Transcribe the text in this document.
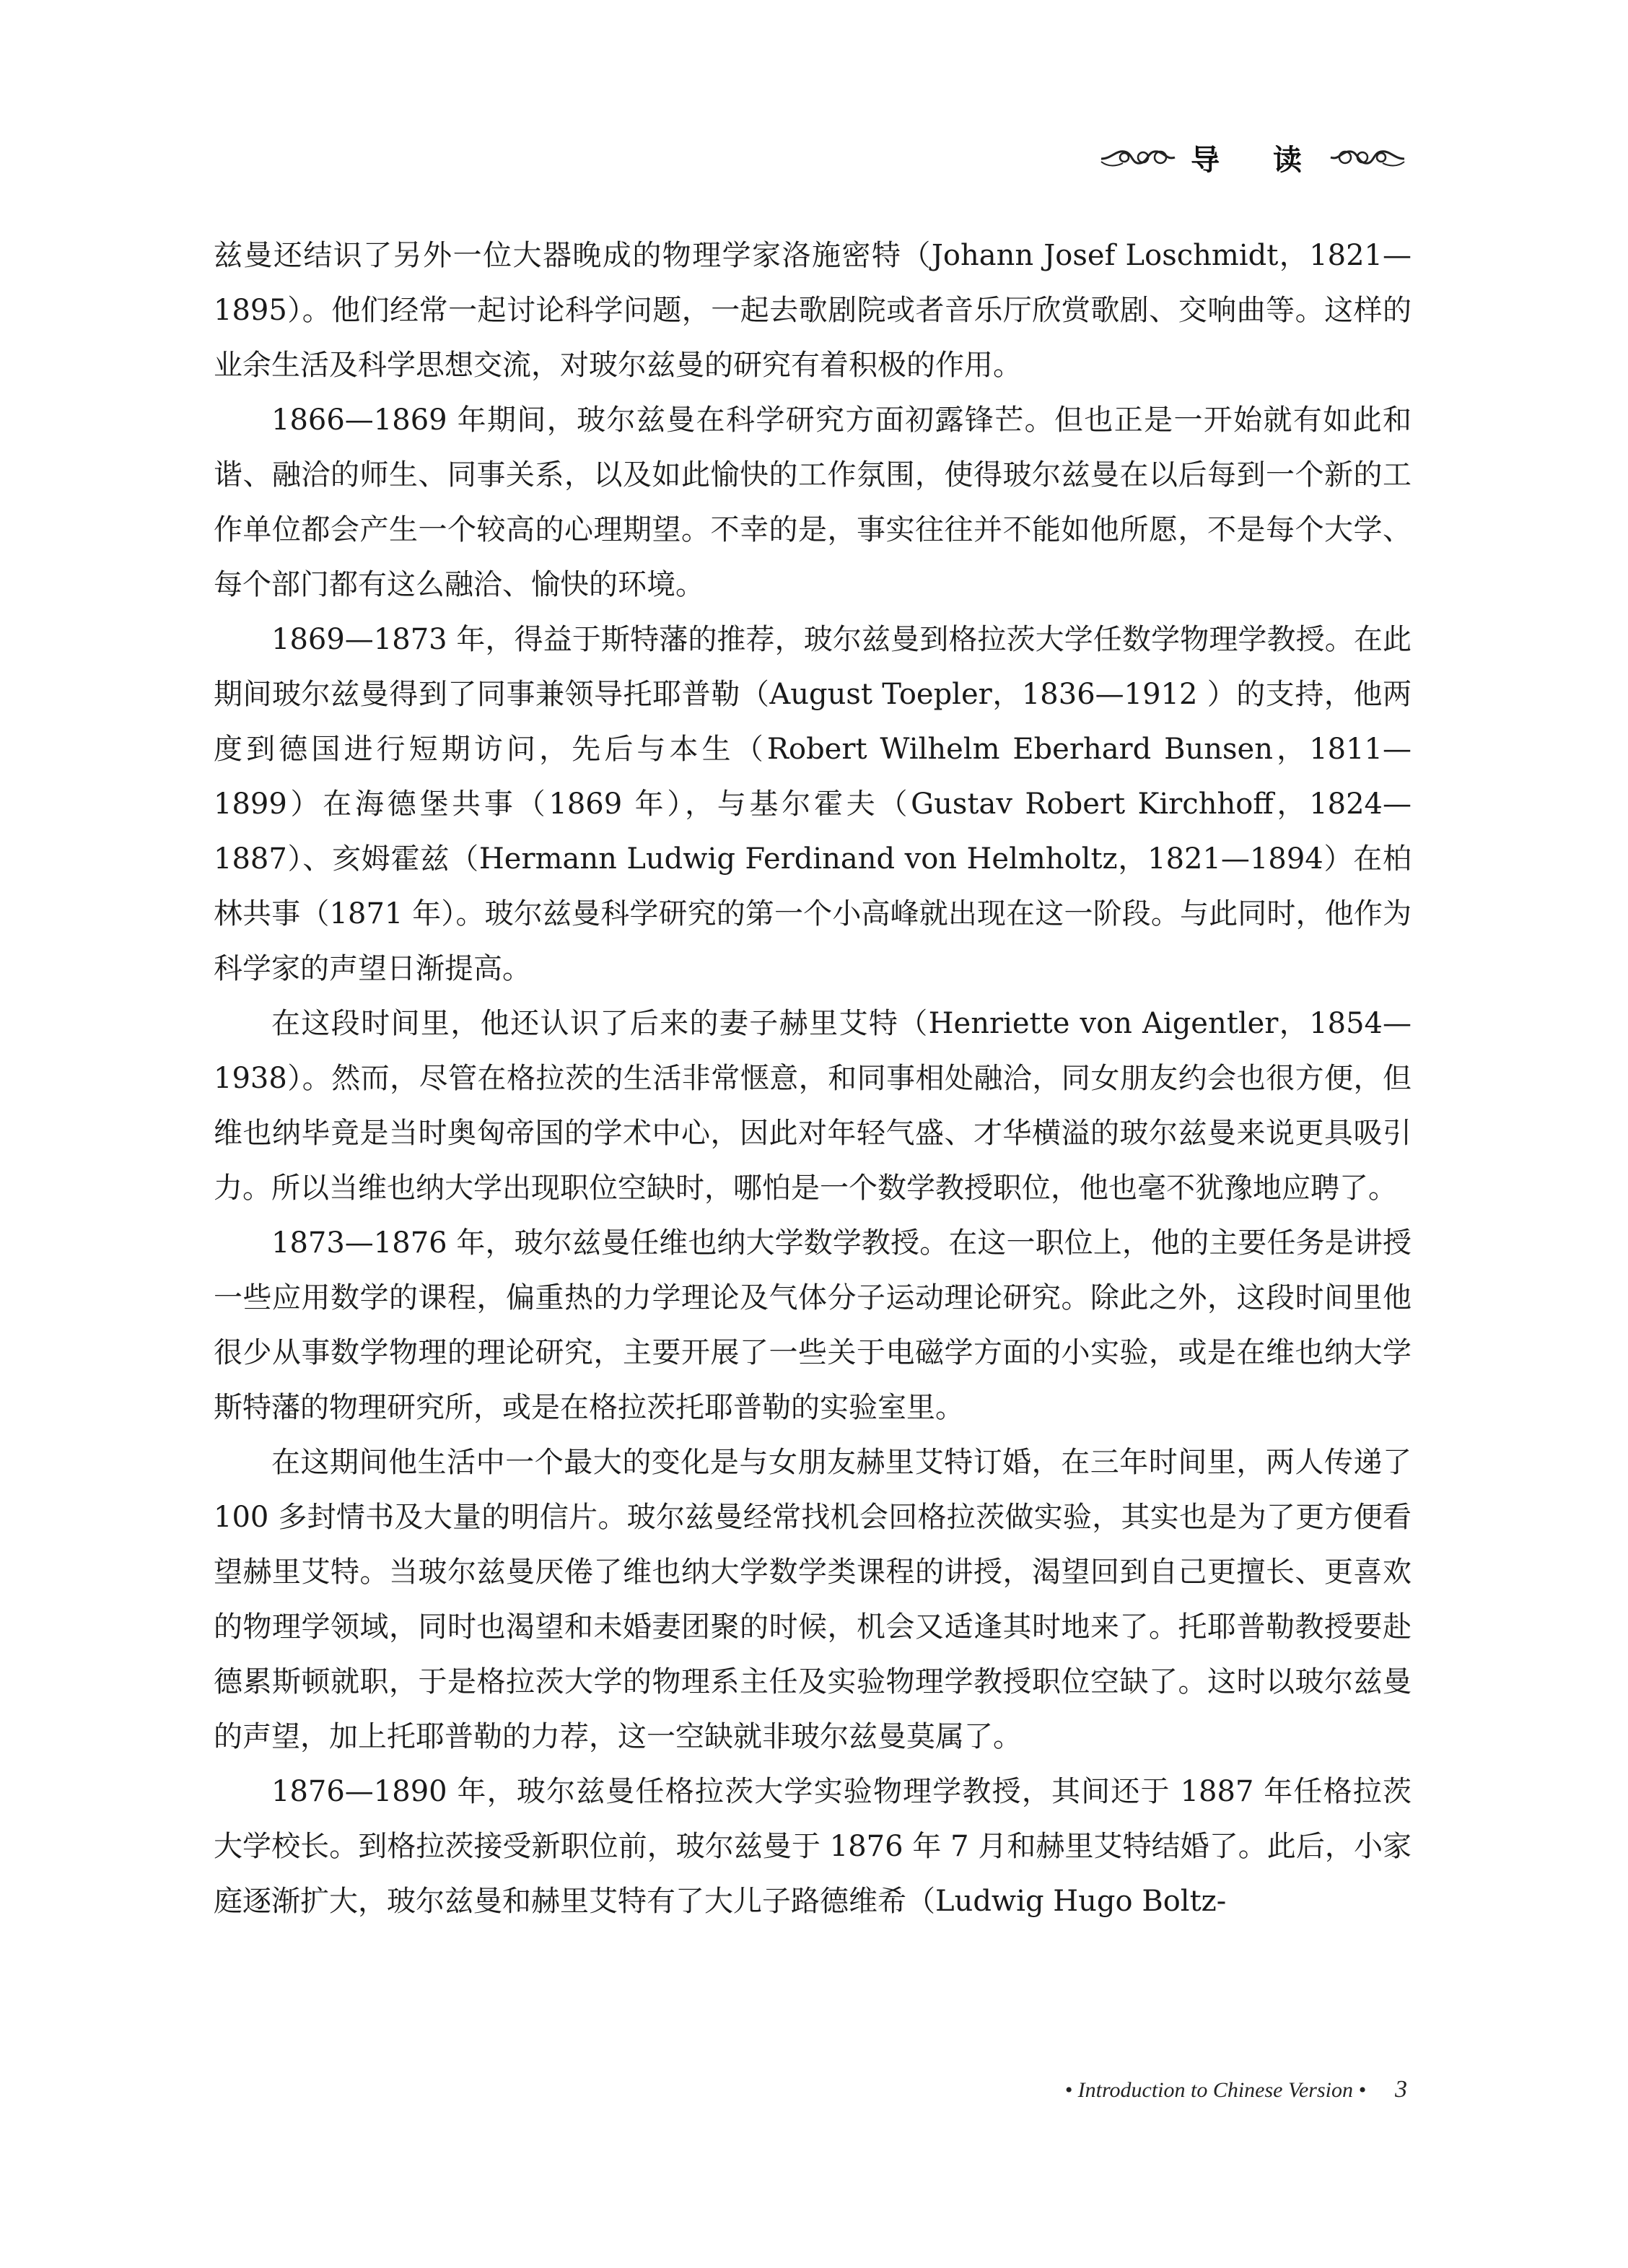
导 读

兹曼还结识了另外一位大器晚成的物理学家洛施密特（Johann Josef Loschmidt，1821—1895）。他们经常一起讨论科学问题，一起去歌剧院或者音乐厅欣赏歌剧、交响曲等。这样的业余生活及科学思想交流，对玻尔兹曼的研究有着积极的作用。

1866—1869 年期间，玻尔兹曼在科学研究方面初露锋芒。但也正是一开始就有如此和谐、融洽的师生、同事关系，以及如此愉快的工作氛围，使得玻尔兹曼在以后每到一个新的工作单位都会产生一个较高的心理期望。不幸的是，事实往往并不能如他所愿，不是每个大学、每个部门都有这么融洽、愉快的环境。

1869—1873 年，得益于斯特藩的推荐，玻尔兹曼到格拉茨大学任数学物理学教授。在此期间玻尔兹曼得到了同事兼领导托耶普勒（August Toepler，1836—1912 ）的支持，他两度到德国进行短期访问，先后与本生（Robert Wilhelm Eberhard Bunsen，1811—1899）在海德堡共事（1869 年），与基尔霍夫（Gustav Robert Kirchhoff，1824—1887）、亥姆霍兹（Hermann Ludwig Ferdinand von Helmholtz，1821—1894）在柏林共事（1871 年）。玻尔兹曼科学研究的第一个小高峰就出现在这一阶段。与此同时，他作为科学家的声望日渐提高。

在这段时间里，他还认识了后来的妻子赫里艾特（Henriette von Aigentler，1854—1938）。然而，尽管在格拉茨的生活非常惬意，和同事相处融洽，同女朋友约会也很方便，但维也纳毕竟是当时奥匈帝国的学术中心，因此对年轻气盛、才华横溢的玻尔兹曼来说更具吸引力。所以当维也纳大学出现职位空缺时，哪怕是一个数学教授职位，他也毫不犹豫地应聘了。

1873—1876 年，玻尔兹曼任维也纳大学数学教授。在这一职位上，他的主要任务是讲授一些应用数学的课程，偏重热的力学理论及气体分子运动理论研究。除此之外，这段时间里他很少从事数学物理的理论研究，主要开展了一些关于电磁学方面的小实验，或是在维也纳大学斯特藩的物理研究所，或是在格拉茨托耶普勒的实验室里。

在这期间他生活中一个最大的变化是与女朋友赫里艾特订婚，在三年时间里，两人传递了 100 多封情书及大量的明信片。玻尔兹曼经常找机会回格拉茨做实验，其实也是为了更方便看望赫里艾特。当玻尔兹曼厌倦了维也纳大学数学类课程的讲授，渴望回到自己更擅长、更喜欢的物理学领域，同时也渴望和未婚妻团聚的时候，机会又适逢其时地来了。托耶普勒教授要赴德累斯顿就职，于是格拉茨大学的物理系主任及实验物理学教授职位空缺了。这时以玻尔兹曼的声望，加上托耶普勒的力荐，这一空缺就非玻尔兹曼莫属了。

1876—1890 年，玻尔兹曼任格拉茨大学实验物理学教授，其间还于 1887 年任格拉茨大学校长。到格拉茨接受新职位前，玻尔兹曼于 1876 年 7 月和赫里艾特结婚了。此后，小家庭逐渐扩大，玻尔兹曼和赫里艾特有了大儿子路德维希（Ludwig Hugo Boltz-

• Introduction to Chinese Version • 3
